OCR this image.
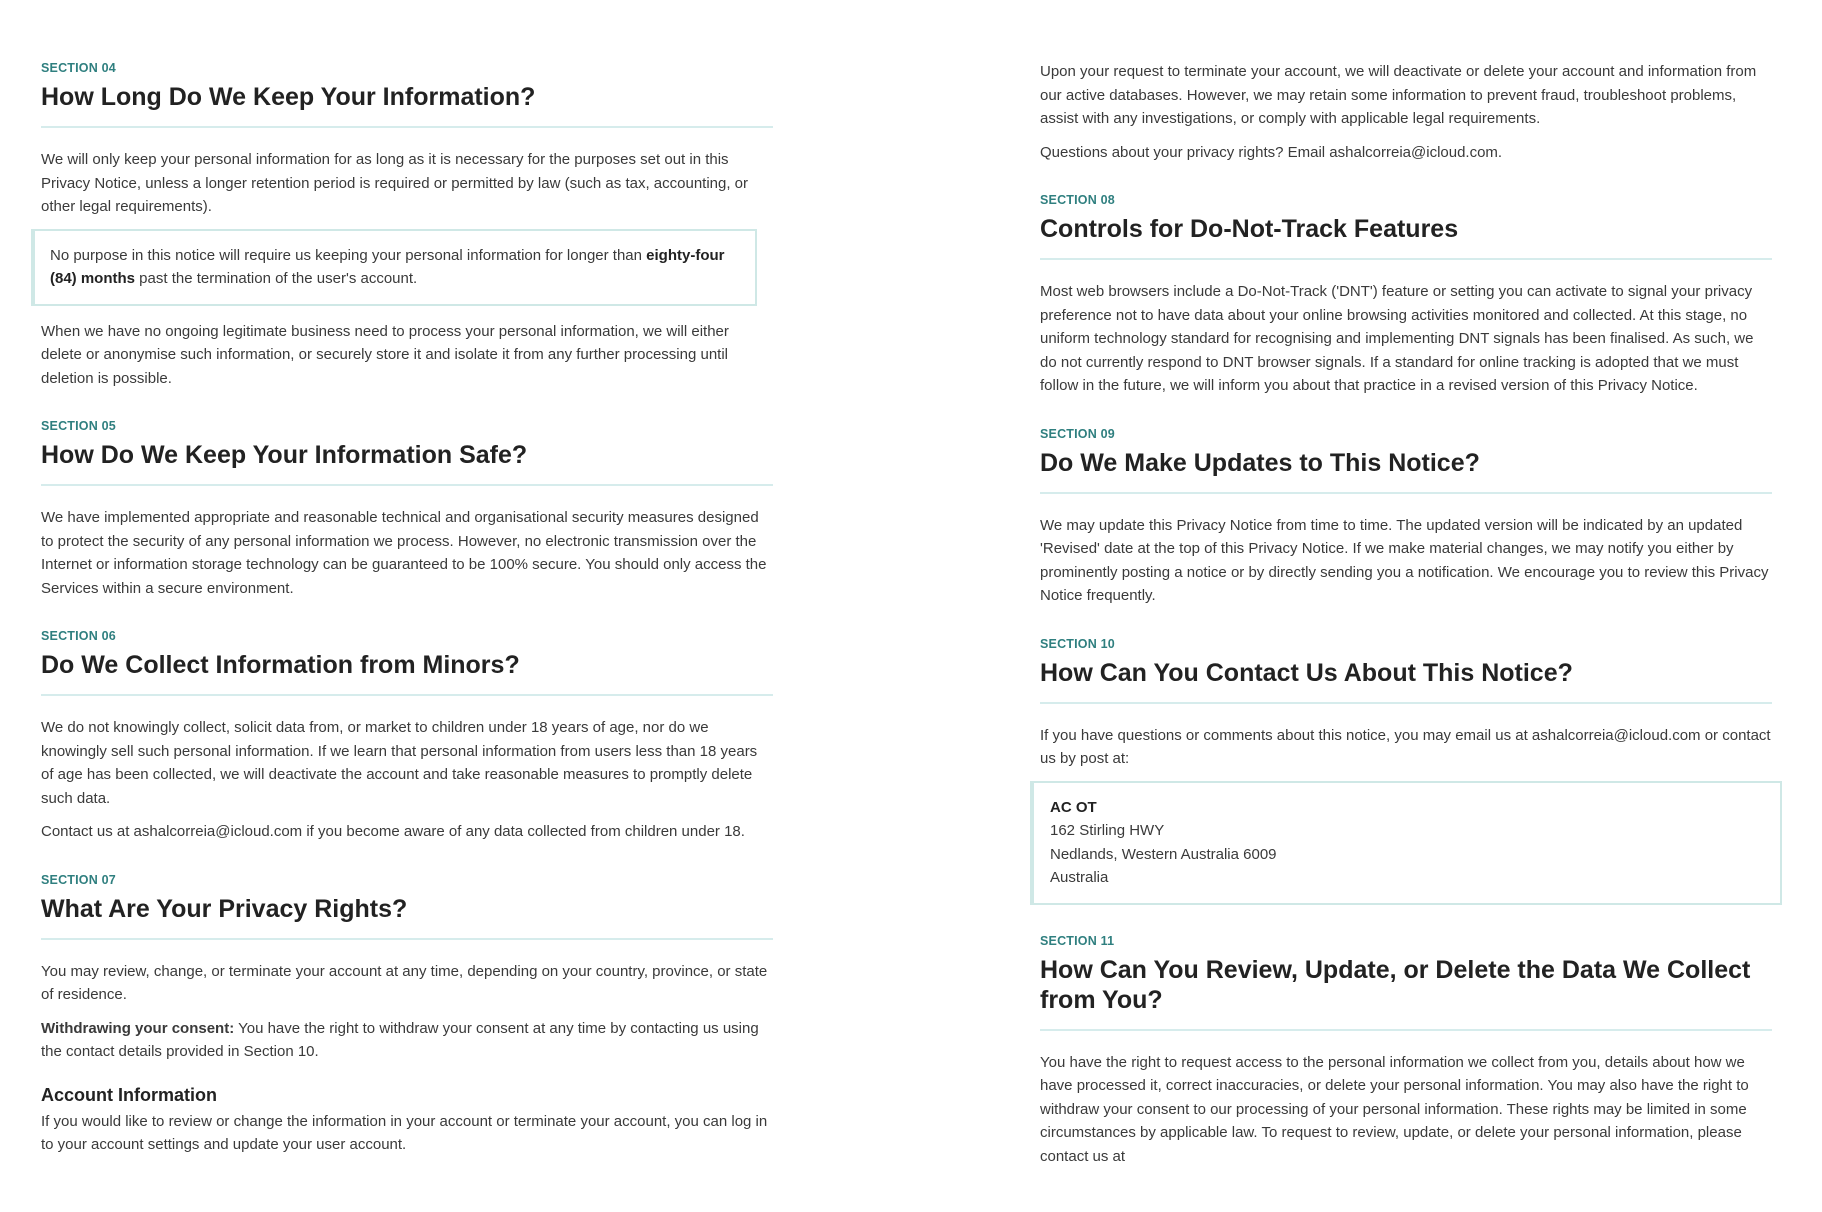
SECTION 04
How Long Do We Keep Your Information?

We will only keep your personal information for as long as it is necessary for the purposes set out in this Privacy Notice, unless a longer retention period is required or permitted by law (such as tax, accounting, or other legal requirements).

No purpose in this notice will require us keeping your personal information for longer than eighty-four (84) months past the termination of the user's account.

When we have no ongoing legitimate business need to process your personal information, we will either delete or anonymise such information, or securely store it and isolate it from any further processing until deletion is possible.

SECTION 05
How Do We Keep Your Information Safe?

We have implemented appropriate and reasonable technical and organisational security measures designed to protect the security of any personal information we process. However, no electronic transmission over the Internet or information storage technology can be guaranteed to be 100% secure. You should only access the Services within a secure environment.

SECTION 06
Do We Collect Information from Minors?

We do not knowingly collect, solicit data from, or market to children under 18 years of age, nor do we knowingly sell such personal information. If we learn that personal information from users less than 18 years of age has been collected, we will deactivate the account and take reasonable measures to promptly delete such data.

Contact us at ashalcorreia@icloud.com if you become aware of any data collected from children under 18.

SECTION 07
What Are Your Privacy Rights?

You may review, change, or terminate your account at any time, depending on your country, province, or state of residence.

Withdrawing your consent: You have the right to withdraw your consent at any time by contacting us using the contact details provided in Section 10.

Account Information

If you would like to review or change the information in your account or terminate your account, you can log in to your account settings and update your user account.

Upon your request to terminate your account, we will deactivate or delete your account and information from our active databases. However, we may retain some information to prevent fraud, troubleshoot problems, assist with any investigations, or comply with applicable legal requirements.

Questions about your privacy rights? Email ashalcorreia@icloud.com.

SECTION 08
Controls for Do-Not-Track Features

Most web browsers include a Do-Not-Track ('DNT') feature or setting you can activate to signal your privacy preference not to have data about your online browsing activities monitored and collected. At this stage, no uniform technology standard for recognising and implementing DNT signals has been finalised. As such, we do not currently respond to DNT browser signals. If a standard for online tracking is adopted that we must follow in the future, we will inform you about that practice in a revised version of this Privacy Notice.

SECTION 09
Do We Make Updates to This Notice?

We may update this Privacy Notice from time to time. The updated version will be indicated by an updated 'Revised' date at the top of this Privacy Notice. If we make material changes, we may notify you either by prominently posting a notice or by directly sending you a notification. We encourage you to review this Privacy Notice frequently.

SECTION 10
How Can You Contact Us About This Notice?

If you have questions or comments about this notice, you may email us at ashalcorreia@icloud.com or contact us by post at:

AC OT
162 Stirling HWY
Nedlands, Western Australia 6009
Australia
SECTION 11
How Can You Review, Update, or Delete the Data We Collect from You?

You have the right to request access to the personal information we collect from you, details about how we have processed it, correct inaccuracies, or delete your personal information. You may also have the right to withdraw your consent to our processing of your personal information. These rights may be limited in some circumstances by applicable law. To request to review, update, or delete your personal information, please contact us at
